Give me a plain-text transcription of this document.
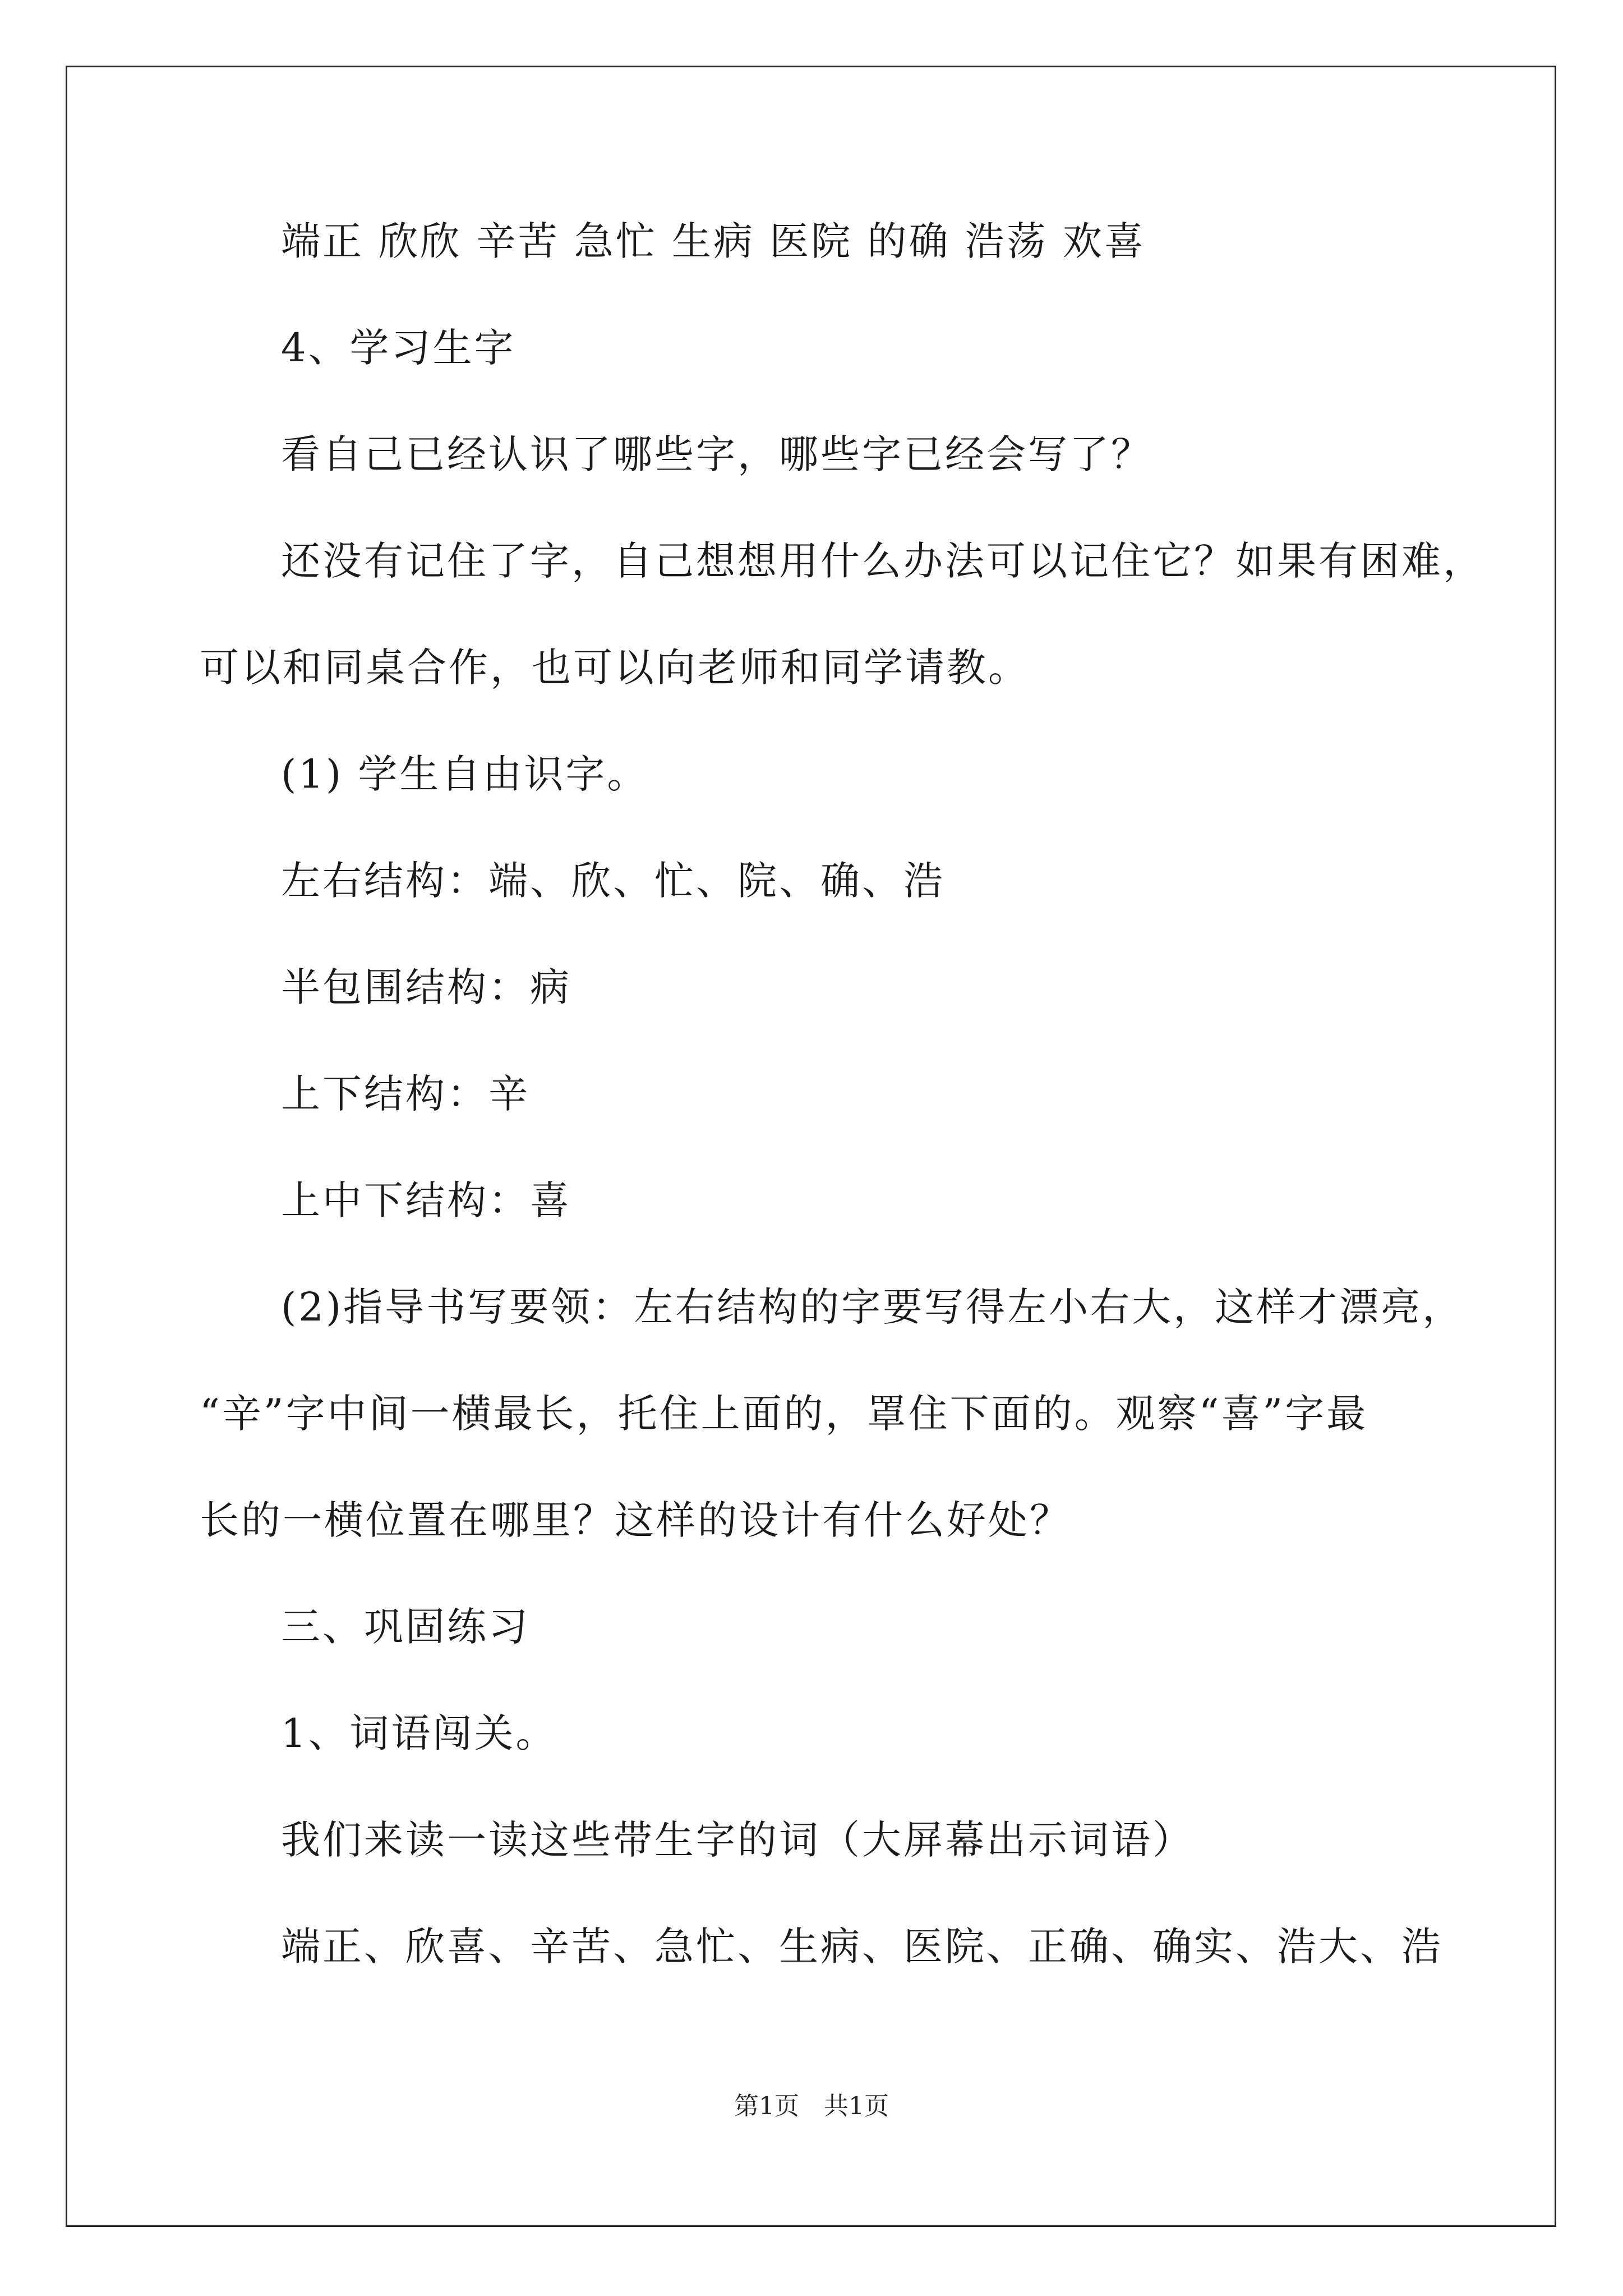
端正 欣欣 辛苦 急忙 生病 医院 的确 浩荡 欢喜
4、学习生字
看自己已经认识了哪些字，哪些字已经会写了？
还没有记住了字，自己想想用什么办法可以记住它？如果有困难，
可以和同桌合作，也可以向老师和同学请教。
(1) 学生自由识字。
左右结构：端、欣、忙、院、确、浩
半包围结构：病
上下结构：辛
上中下结构：喜
(2)指导书写要领：左右结构的字要写得左小右大，这样才漂亮，
“辛”字中间一横最长，托住上面的，罩住下面的。观察“喜”字最
长的一横位置在哪里？这样的设计有什么好处？
三、巩固练习
1、词语闯关。
我们来读一读这些带生字的词（大屏幕出示词语）
端正、欣喜、辛苦、急忙、生病、医院、正确、确实、浩大、浩
第1页　共1页
